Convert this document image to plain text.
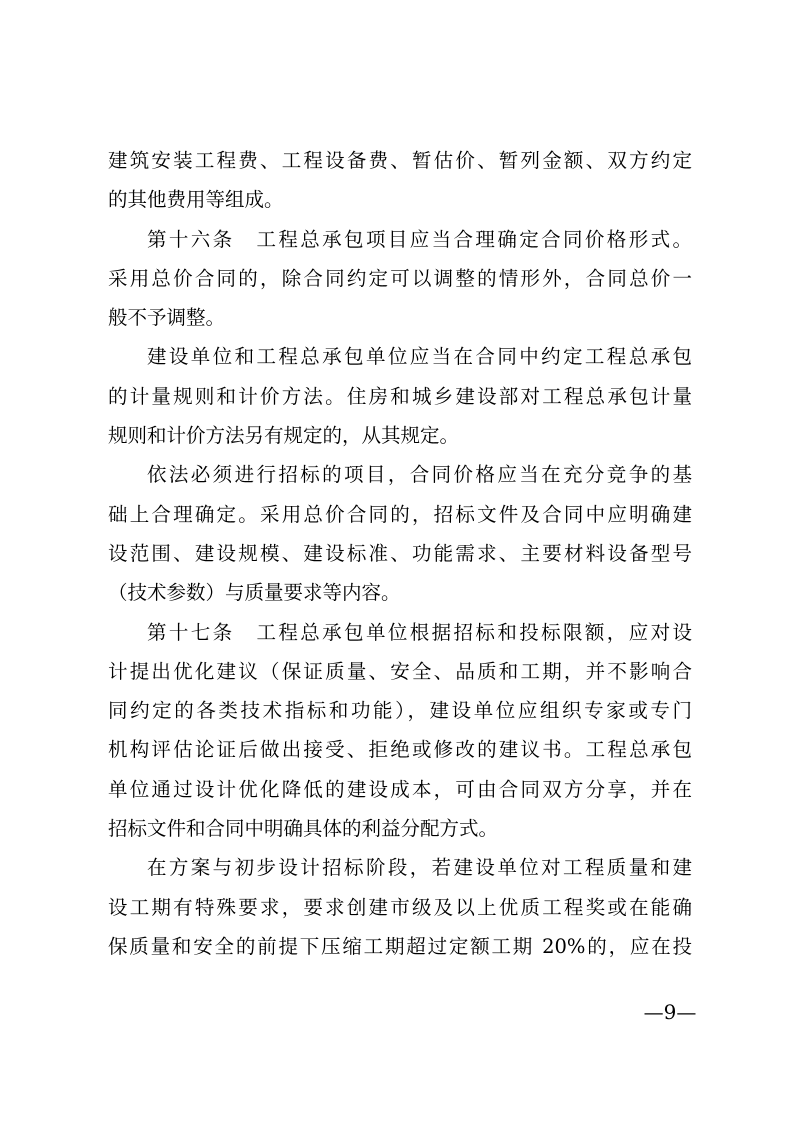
建筑安装工程费、工程设备费、暂估价、暂列金额、双方约定
的其他费用等组成。
第十六条　工程总承包项目应当合理确定合同价格形式。
采用总价合同的，除合同约定可以调整的情形外，合同总价一
般不予调整。
建设单位和工程总承包单位应当在合同中约定工程总承包
的计量规则和计价方法。住房和城乡建设部对工程总承包计量
规则和计价方法另有规定的，从其规定。
依法必须进行招标的项目，合同价格应当在充分竞争的基
础上合理确定。采用总价合同的，招标文件及合同中应明确建
设范围、建设规模、建设标准、功能需求、主要材料设备型号
（技术参数）与质量要求等内容。
第十七条　工程总承包单位根据招标和投标限额，应对设
计提出优化建议（保证质量、安全、品质和工期，并不影响合
同约定的各类技术指标和功能），建设单位应组织专家或专门
机构评估论证后做出接受、拒绝或修改的建议书。工程总承包
单位通过设计优化降低的建设成本，可由合同双方分享，并在
招标文件和合同中明确具体的利益分配方式。
在方案与初步设计招标阶段，若建设单位对工程质量和建
设工期有特殊要求，要求创建市级及以上优质工程奖或在能确
保质量和安全的前提下压缩工期超过定额工期 20%的，应在投
—9—
